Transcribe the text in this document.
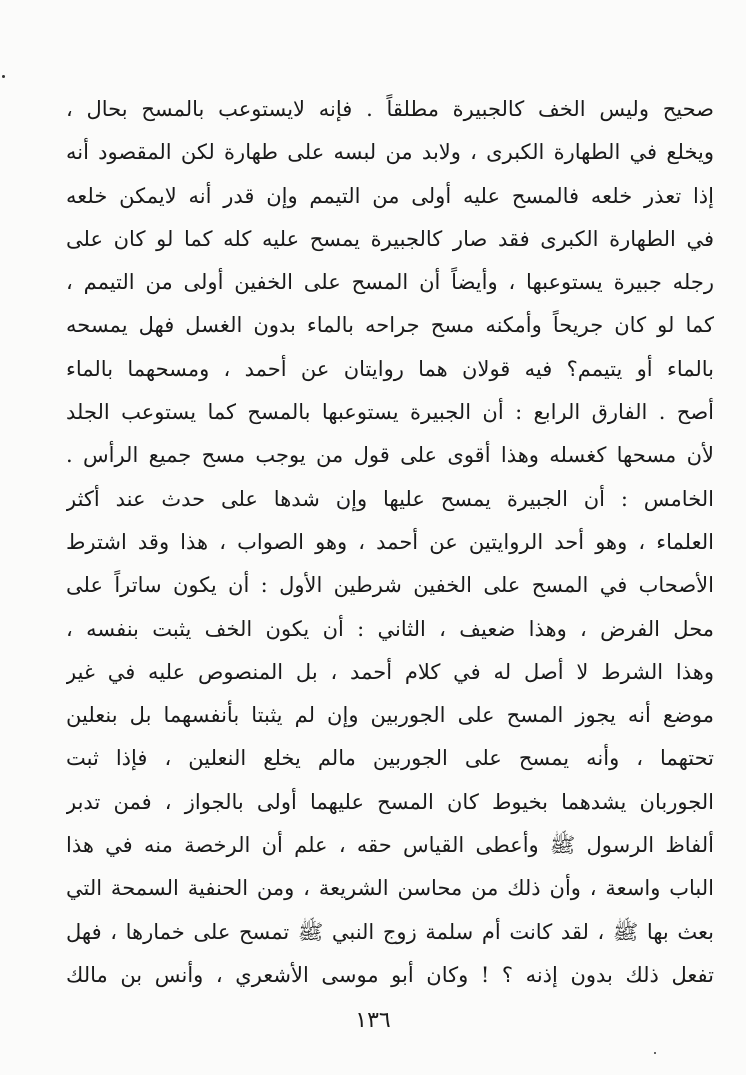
صحيح وليس الخف كالجبيرة مطلقاً . فإنه لايستوعب بالمسح بحال ،
ويخلع في الطهارة الكبرى ، ولابد من لبسه على طهارة لكن المقصود أنه
إذا تعذر خلعه فالمسح عليه أولى من التيمم وإن قدر أنه لايمكن خلعه
في الطهارة الكبرى فقد صار كالجبيرة يمسح عليه كله كما لو كان على
رجله جبيرة يستوعبها ، وأيضاً أن المسح على الخفين أولى من التيمم ،
كما لو كان جريحاً وأمكنه مسح جراحه بالماء بدون الغسل فهل يمسحه
بالماء أو يتيمم؟ فيه قولان هما روايتان عن أحمد ، ومسحهما بالماء
أصح . الفارق الرابع : أن الجبيرة يستوعبها بالمسح كما يستوعب الجلد
لأن مسحها كغسله وهذا أقوى على قول من يوجب مسح جميع الرأس .
الخامس : أن الجبيرة يمسح عليها وإن شدها على حدث عند أكثر
العلماء ، وهو أحد الروايتين عن أحمد ، وهو الصواب ، هذا وقد اشترط
الأصحاب في المسح على الخفين شرطين الأول : أن يكون ساتراً على
محل الفرض ، وهذا ضعيف ، الثاني : أن يكون الخف يثبت بنفسه ،
وهذا الشرط لا أصل له في كلام أحمد ، بل المنصوص عليه في غير
موضع أنه يجوز المسح على الجوربين وإن لم يثبتا بأنفسهما بل بنعلين
تحتهما ، وأنه يمسح على الجوربين مالم يخلع النعلين ، فإذا ثبت
الجوربان يشدهما بخيوط كان المسح عليهما أولى بالجواز ، فمن تدبر
ألفاظ الرسول ﷺ وأعطى القياس حقه ، علم أن الرخصة منه في هذا
الباب واسعة ، وأن ذلك من محاسن الشريعة ، ومن الحنفية السمحة التي
بعث بها ﷺ ، لقد كانت أم سلمة زوج النبي ﷺ تمسح على خمارها ، فهل
تفعل ذلك بدون إذنه ؟ ! وكان أبو موسى الأشعري ، وأنس بن مالك
١٣٦
